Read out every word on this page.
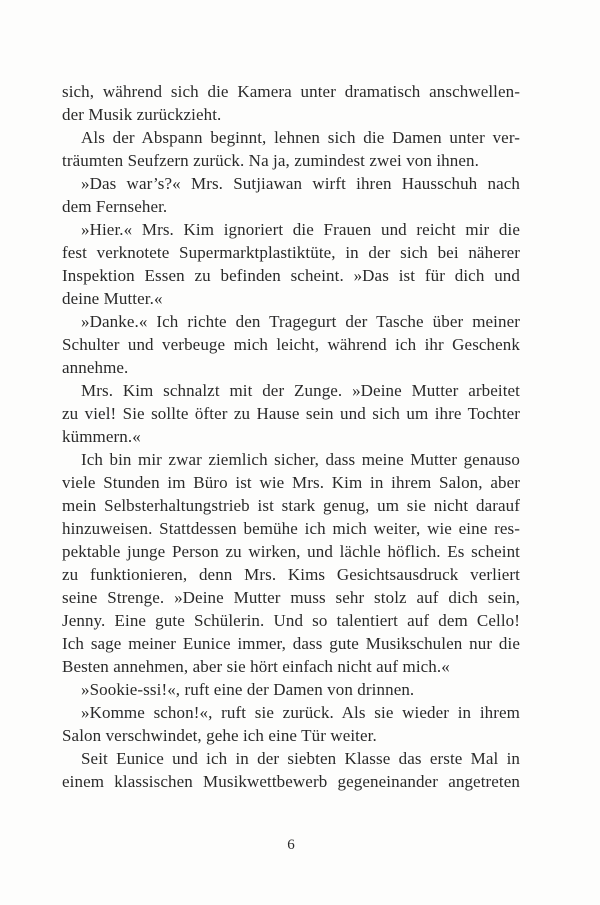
sich, während sich die Kamera unter dramatisch anschwellen-
der Musik zurückzieht.
Als der Abspann beginnt, lehnen sich die Damen unter ver-
träumten Seufzern zurück. Na ja, zumindest zwei von ihnen.
»Das war’s?« Mrs. Sutjiawan wirft ihren Hausschuh nach
dem Fernseher.
»Hier.« Mrs. Kim ignoriert die Frauen und reicht mir die
fest verknotete Supermarktplastiktüte, in der sich bei näherer
Inspektion Essen zu befinden scheint. »Das ist für dich und
deine Mutter.«
»Danke.« Ich richte den Tragegurt der Tasche über meiner
Schulter und verbeuge mich leicht, während ich ihr Geschenk
annehme.
Mrs. Kim schnalzt mit der Zunge. »Deine Mutter arbeitet
zu viel! Sie sollte öfter zu Hause sein und sich um ihre Tochter
kümmern.«
Ich bin mir zwar ziemlich sicher, dass meine Mutter genauso
viele Stunden im Büro ist wie Mrs. Kim in ihrem Salon, aber
mein Selbsterhaltungstrieb ist stark genug, um sie nicht darauf
hinzuweisen. Stattdessen bemühe ich mich weiter, wie eine res-
pektable junge Person zu wirken, und lächle höflich. Es scheint
zu funktionieren, denn Mrs. Kims Gesichtsausdruck verliert
seine Strenge. »Deine Mutter muss sehr stolz auf dich sein,
Jenny. Eine gute Schülerin. Und so talentiert auf dem Cello!
Ich sage meiner Eunice immer, dass gute Musikschulen nur die
Besten annehmen, aber sie hört einfach nicht auf mich.«
»Sookie-ssi!«, ruft eine der Damen von drinnen.
»Komme schon!«, ruft sie zurück. Als sie wieder in ihrem
Salon verschwindet, gehe ich eine Tür weiter.
Seit Eunice und ich in der siebten Klasse das erste Mal in
einem klassischen Musikwettbewerb gegeneinander angetreten
6
